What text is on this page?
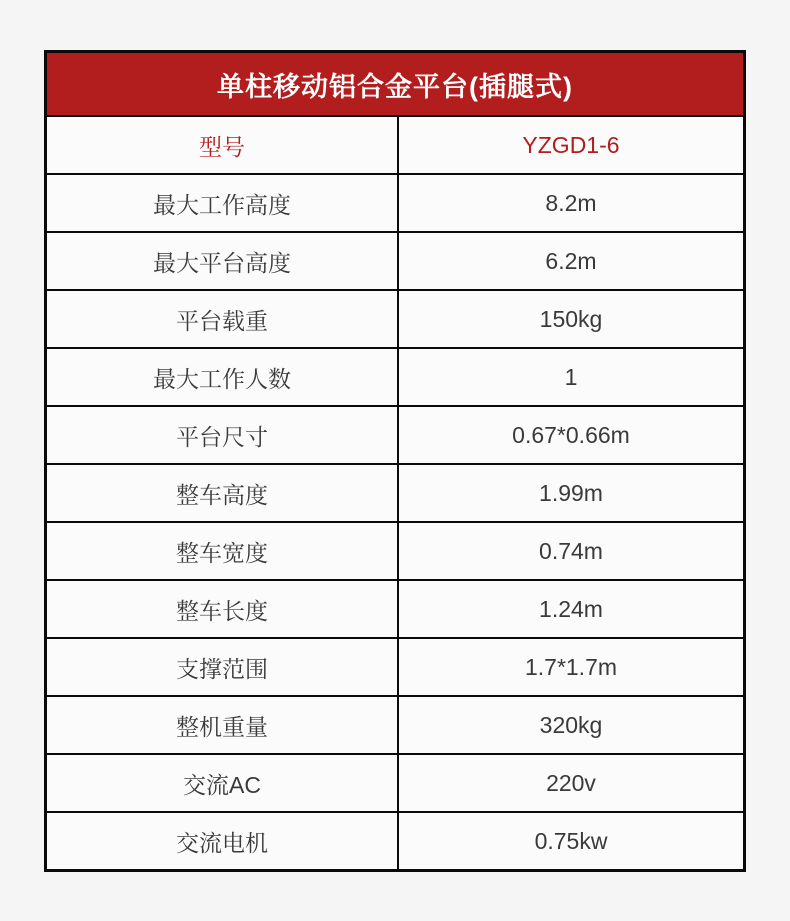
单柱移动铝合金平台(插腿式)
型号	YZGD1-6
最大工作高度	8.2m
最大平台高度	6.2m
平台载重	150kg
最大工作人数	1
平台尺寸	0.67*0.66m
整车高度	1.99m
整车宽度	0.74m
整车长度	1.24m
支撑范围	1.7*1.7m
整机重量	320kg
交流AC	220v
交流电机	0.75kw
